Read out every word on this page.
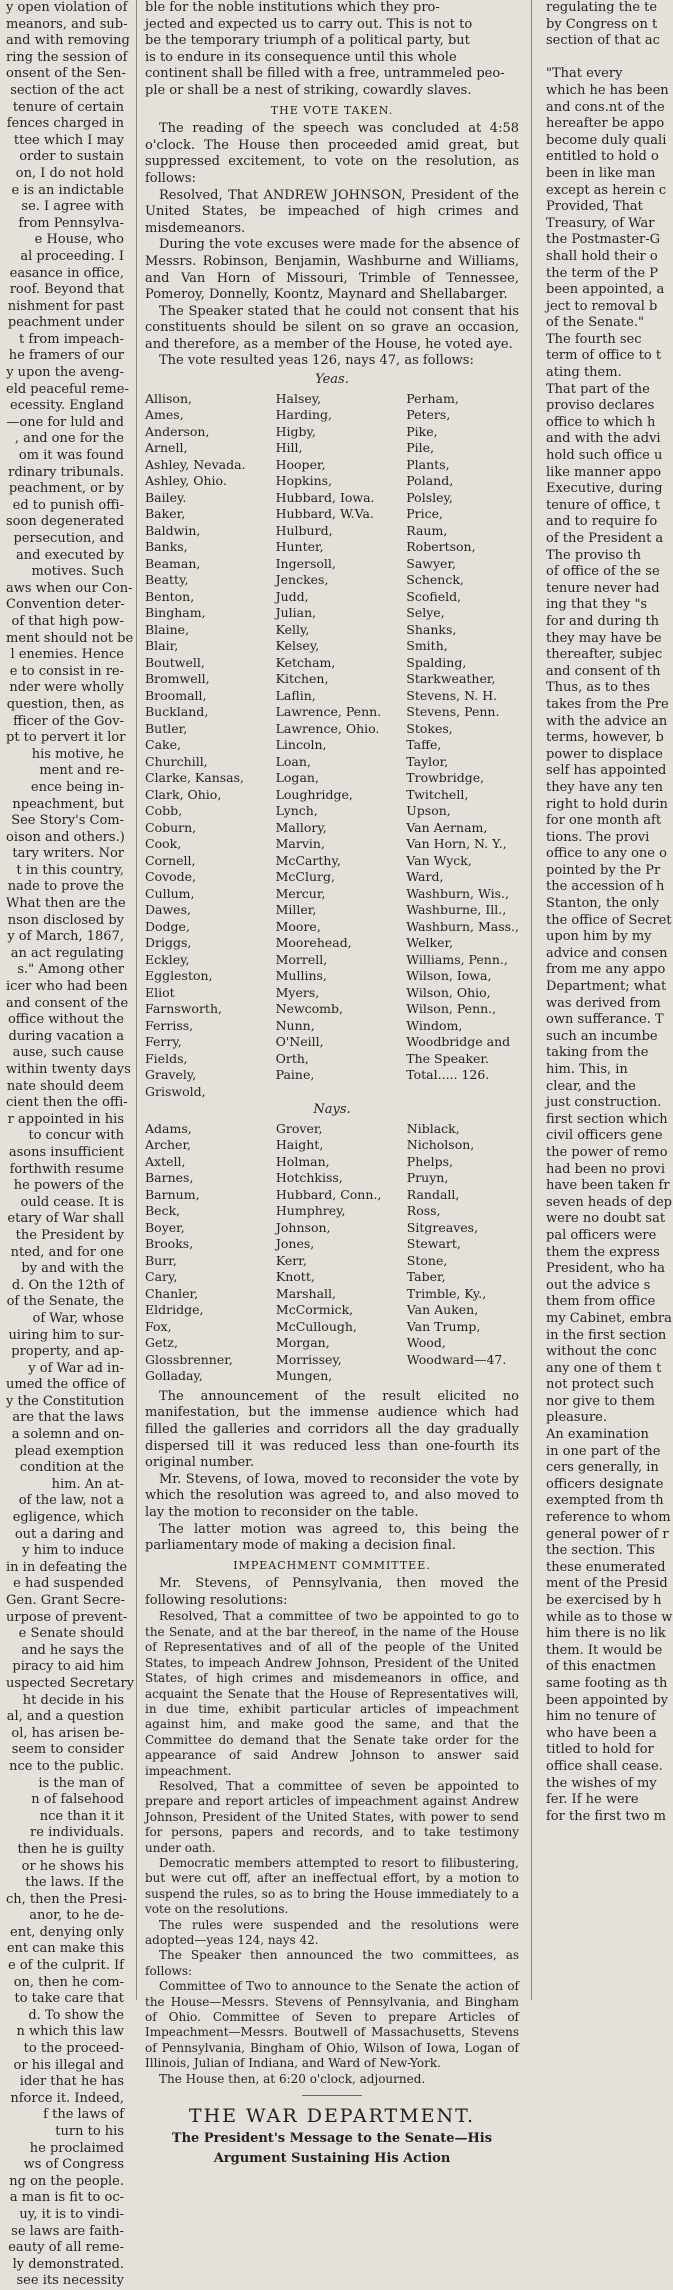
y open violation of
meanors, and sub-
and with removing
ring the session of
onsent of the Sen-
section of the act
tenure of certain
fences charged in
ttee which I may
order to sustain
on, I do not hold
e is an indictable
se. I agree with
from Pennsylva-
e House, who
al proceeding. I
easance in office,
roof. Beyond that
nishment for past
peachment under
t from impeach-
he framers of our
y upon the aveng-
eld peaceful reme-
ecessity. England
—one for luld and
, and one for the
om it was found
rdinary tribunals.
peachment, or by
ed to punish offi-
soon degenerated
persecution, and
and executed by
motives. Such
aws when our Con-
Convention deter-
of that high pow-
ment should not be
l enemies. Hence
e to consist in re-
nder were wholly
question, then, as
fficer of the Gov-
pt to pervert it lor
his motive, he
ment and re-
ence being in-
npeachment, but
See Story's Com-
oison and others.)
tary writers. Nor
t in this country,
nade to prove the
What then are the
nson disclosed by
y of March, 1867,
an act regulating
s." Among other
icer who had been
and consent of the
office without the
during vacation a
ause, such cause
within twenty days
nate should deem
cient then the offi-
r appointed in his
to concur with
asons insufficient
forthwith resume
he powers of the
ould cease. It is
etary of War shall
the President by
nted, and for one
by and with the
d. On the 12th of
of the Senate, the
of War, whose
uiring him to sur-
property, and ap-
y of War ad in-
umed the office of
y the Constitution
are that the laws
a solemn and on-
plead exemption
condition at the
him. An at-
of the law, not a
egligence, which
out a daring and
y him to induce
in in defeating the
e had suspended
Gen. Grant Secre-
urpose of prevent-
e Senate should
and he says the
piracy to aid him
uspected Secretary
ht decide in his
al, and a question
ol, has arisen be-
seem to consider
nce to the public.
is the man of
n of falsehood
nce than it it
re individuals.
then he is guilty
or he shows his
the laws. If the
ch, then the Presi-
anor, to he de-
ent, denying only
ent can make this
e of the culprit. If
on, then he com-
to take care that
d. To show the
n which this law
to the proceed-
or his illegal and
ider that he has
nforce it. Indeed,
f the laws of
turn to his
he proclaimed
ws of Congress
ng on the people.
a man is fit to oc-
uy, it is to vindi-
se laws are faith-
eauty of all reme-
ly demonstrated.
see its necessity
ble for the noble institutions which they pro-
jected and expected us to carry out. This is not to
be the temporary triumph of a political party, but
is to endure in its consequence until this whole
continent shall be filled with a free, untrammeled peo-
ple or shall be a nest of striking, cowardly slaves.
THE VOTE TAKEN.

The reading of the speech was concluded at 4:58 o'clock. The House then proceeded amid great, but suppressed excitement, to vote on the resolution, as follows:

Resolved, That ANDREW JOHNSON, President of the United States, be impeached of high crimes and misdemeanors.

During the vote excuses were made for the absence of Messrs. Robinson, Benjamin, Washburne and Williams, and Van Horn of Missouri, Trimble of Tennessee, Pomeroy, Donnelly, Koontz, Maynard and Shellabarger.

The Speaker stated that he could not consent that his constituents should be silent on so grave an occasion, and therefore, as a member of the House, he voted aye.

The vote resulted yeas 126, nays 47, as follows:

Yeas.
Allison,	Halsey,	Perham,
Ames,	Harding,	Peters,
Anderson,	Higby,	Pike,
Arnell,	Hill,	Pile,
Ashley, Nevada.	Hooper,	Plants,
Ashley, Ohio.	Hopkins,	Poland,
Bailey.	Hubbard, Iowa.	Polsley,
Baker,	Hubbard, W.Va.	Price,
Baldwin,	Hulburd,	Raum,
Banks,	Hunter,	Robertson,
Beaman,	Ingersoll,	Sawyer,
Beatty,	Jenckes,	Schenck,
Benton,	Judd,	Scofield,
Bingham,	Julian,	Selye,
Blaine,	Kelly,	Shanks,
Blair,	Kelsey,	Smith,
Boutwell,	Ketcham,	Spalding,
Bromwell,	Kitchen,	Starkweather,
Broomall,	Laflin,	Stevens, N. H.
Buckland,	Lawrence, Penn.	Stevens, Penn.
Butler,	Lawrence, Ohio.	Stokes,
Cake,	Lincoln,	Taffe,
Churchill,	Loan,	Taylor,
Clarke, Kansas,	Logan,	Trowbridge,
Clark, Ohio,	Loughridge,	Twitchell,
Cobb,	Lynch,	Upson,
Coburn,	Mallory,	Van Aernam,
Cook,	Marvin,	Van Horn, N. Y.,
Cornell,	McCarthy,	Van Wyck,
Covode,	McClurg,	Ward,
Cullum,	Mercur,	Washburn, Wis.,
Dawes,	Miller,	Washburne, Ill.,
Dodge,	Moore,	Washburn, Mass.,
Driggs,	Moorehead,	Welker,
Eckley,	Morrell,	Williams, Penn.,
Eggleston,	Mullins,	Wilson, Iowa,
Eliot	Myers,	Wilson, Ohio,
Farnsworth,	Newcomb,	Wilson, Penn.,
Ferriss,	Nunn,	Windom,
Ferry,	O'Neill,	Woodbridge and
Fields,	Orth,	The Speaker.
Gravely,	Paine,	Total..... 126.
Griswold,		
Nays.
Adams,	Grover,	Niblack,
Archer,	Haight,	Nicholson,
Axtell,	Holman,	Phelps,
Barnes,	Hotchkiss,	Pruyn,
Barnum,	Hubbard, Conn.,	Randall,
Beck,	Humphrey,	Ross,
Boyer,	Johnson,	Sitgreaves,
Brooks,	Jones,	Stewart,
Burr,	Kerr,	Stone,
Cary,	Knott,	Taber,
Chanler,	Marshall,	Trimble, Ky.,
Eldridge,	McCormick,	Van Auken,
Fox,	McCullough,	Van Trump,
Getz,	Morgan,	Wood,
Glossbrenner,	Morrissey,	Woodward—47.
Golladay,	Mungen,	

The announcement of the result elicited no manifestation, but the immense audience which had filled the galleries and corridors all the day gradually dispersed till it was reduced less than one-fourth its original number.

Mr. Stevens, of Iowa, moved to reconsider the vote by which the resolution was agreed to, and also moved to lay the motion to reconsider on the table.

The latter motion was agreed to, this being the parliamentary mode of making a decision final.

IMPEACHMENT COMMITTEE.

Mr. Stevens, of Pennsylvania, then moved the following resolutions:

Resolved, That a committee of two be appointed to go to the Senate, and at the bar thereof, in the name of the House of Representatives and of all of the people of the United States, to impeach Andrew Johnson, President of the United States, of high crimes and misdemeanors in office, and acquaint the Senate that the House of Representatives will, in due time, exhibit particular articles of impeachment against him, and make good the same, and that the Committee do demand that the Senate take order for the appearance of said Andrew Johnson to answer said impeachment.

Resolved, That a committee of seven be appointed to prepare and report articles of impeachment against Andrew Johnson, President of the United States, with power to send for persons, papers and records, and to take testimony under oath.

Democratic members attempted to resort to filibustering, but were cut off, after an ineffectual effort, by a motion to suspend the rules, so as to bring the House immediately to a vote on the resolutions.

The rules were suspended and the resolutions were adopted—yeas 124, nays 42.

The Speaker then announced the two committees, as follows:

Committee of Two to announce to the Senate the action of the House—Messrs. Stevens of Pennsylvania, and Bingham of Ohio. Committee of Seven to prepare Articles of Impeachment—Messrs. Boutwell of Massachusetts, Stevens of Pennsylvania, Bingham of Ohio, Wilson of Iowa, Logan of Illinois, Julian of Indiana, and Ward of New-York.

The House then, at 6:20 o'clock, adjourned.

THE WAR DEPARTMENT.
The President's Message to the Senate—His Argument Sustaining His Action
regulating the te
by Congress on t
section of that ac

"That every
which he has been
and cons.nt of the
hereafter be appo
become duly quali
entitled to hold o
been in like man
except as herein c
Provided, That
Treasury, of War
the Postmaster-G
shall hold their o
the term of the P
been appointed, a
ject to removal b
of the Senate."
The fourth sec
term of office to t
ating them.
That part of the
proviso declares
office to which h
and with the advi
hold such office u
like manner appo
Executive, during
tenure of office, t
and to require fo
of the President a
The proviso th
of office of the se
tenure never had
ing that they "s
for and during th
they may have be
thereafter, subjec
and consent of th
Thus, as to thes
takes from the Pre
with the advice an
terms, however, b
power to displace
self has appointed
they have any ten
right to hold durin
for one month aft
tions. The provi
office to any one o
pointed by the Pr
the accession of h
Stanton, the only
the office of Secret
upon him by my
advice and consen
from me any appo
Department; what
was derived from
own sufferance. T
such an incumbe
taking from the
him. This, in
clear, and the
just construction.
first section which
civil officers gene
the power of remo
had been no provi
have been taken fr
seven heads of dep
were no doubt sat
pal officers were
them the express
President, who ha
out the advice s
them from office
my Cabinet, embra
in the first section
without the conc
any one of them t
not protect such
nor give to them
pleasure.
An examination
in one part of the
cers generally, in
officers designate
exempted from th
reference to whom
general power of r
the section. This
these enumerated
ment of the Presid
be exercised by h
while as to those w
him there is no lik
them. It would be
of this enactmen
same footing as th
been appointed by
him no tenure of
who have been a
titled to hold for
office shall cease.
the wishes of my
fer. If he were
for the first two m
